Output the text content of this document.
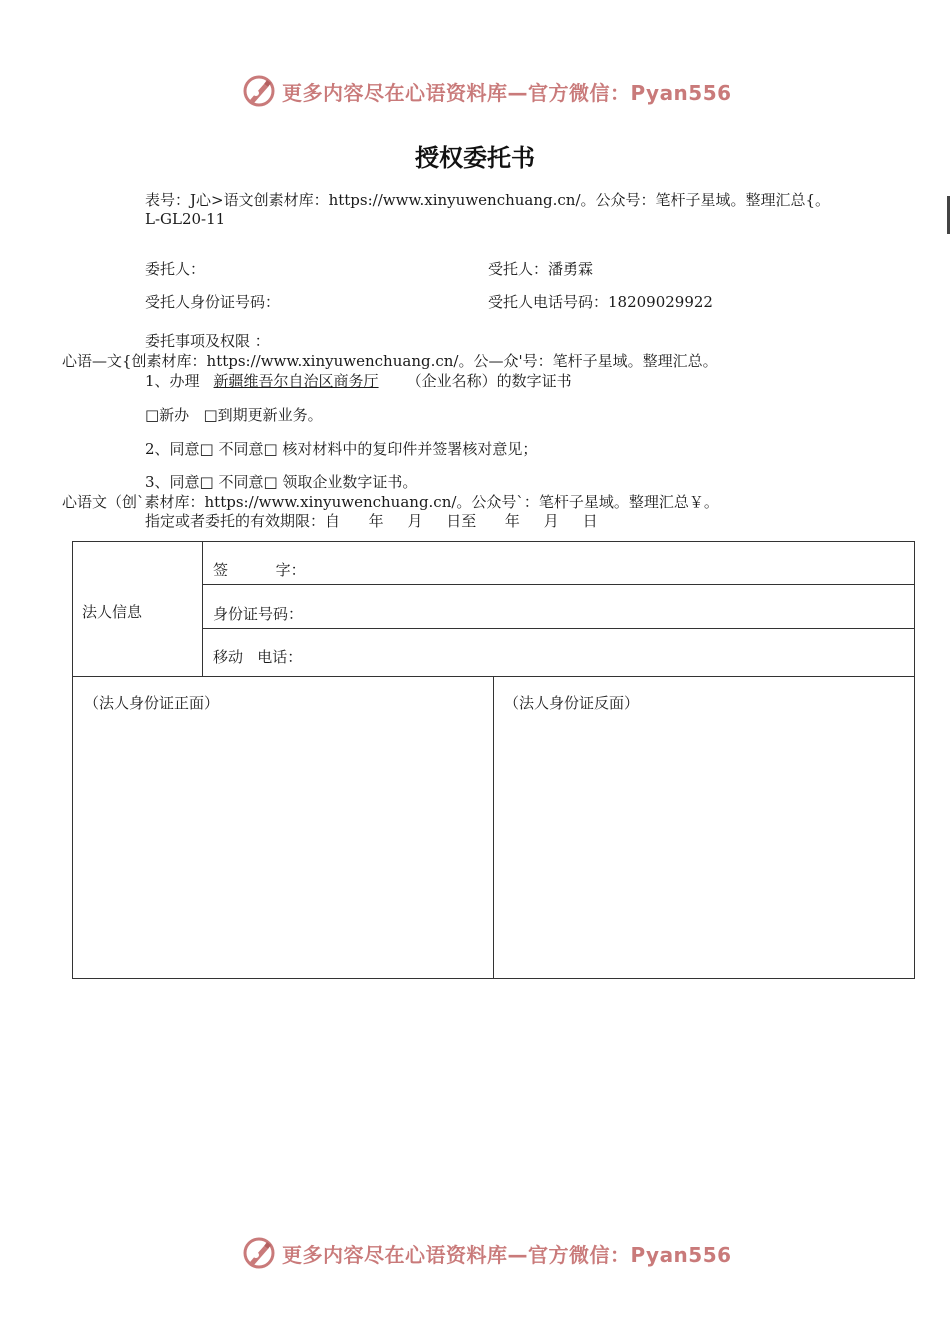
更多内容尽在心语资料库—官方微信：Pyan556
授权委托书
表号：J心>语文创素材库：https://www.xinyuwenchuang.cn/。公众号：笔杆子星域。整理汇总{。
L-GL20-11
委托人：	受托人：潘勇霖
受托人身份证号码：	受托人电话号码：18209029922
委托事项及权限 ：
心语—文{创素材库：https://www.xinyuwenchuang.cn/。公—众'号：笔杆子星域。整理汇总。
1、办理 新疆维吾尔自治区商务厅 （企业名称）的数字证书
□新办   □到期更新业务。
2、同意□ 不同意□ 核对材料中的复印件并签署核对意见；
3、同意□ 不同意□ 领取企业数字证书。
心语文（创`素材库：https://www.xinyuwenchuang.cn/。公众号`：笔杆子星域。整理汇总￥。
指定或者委托的有效期限：自      年     月     日至      年     月     日
法人信息
签          字：
身份证号码：
移动   电话：
（法人身份证正面）	（法人身份证反面）
更多内容尽在心语资料库—官方微信：Pyan556
